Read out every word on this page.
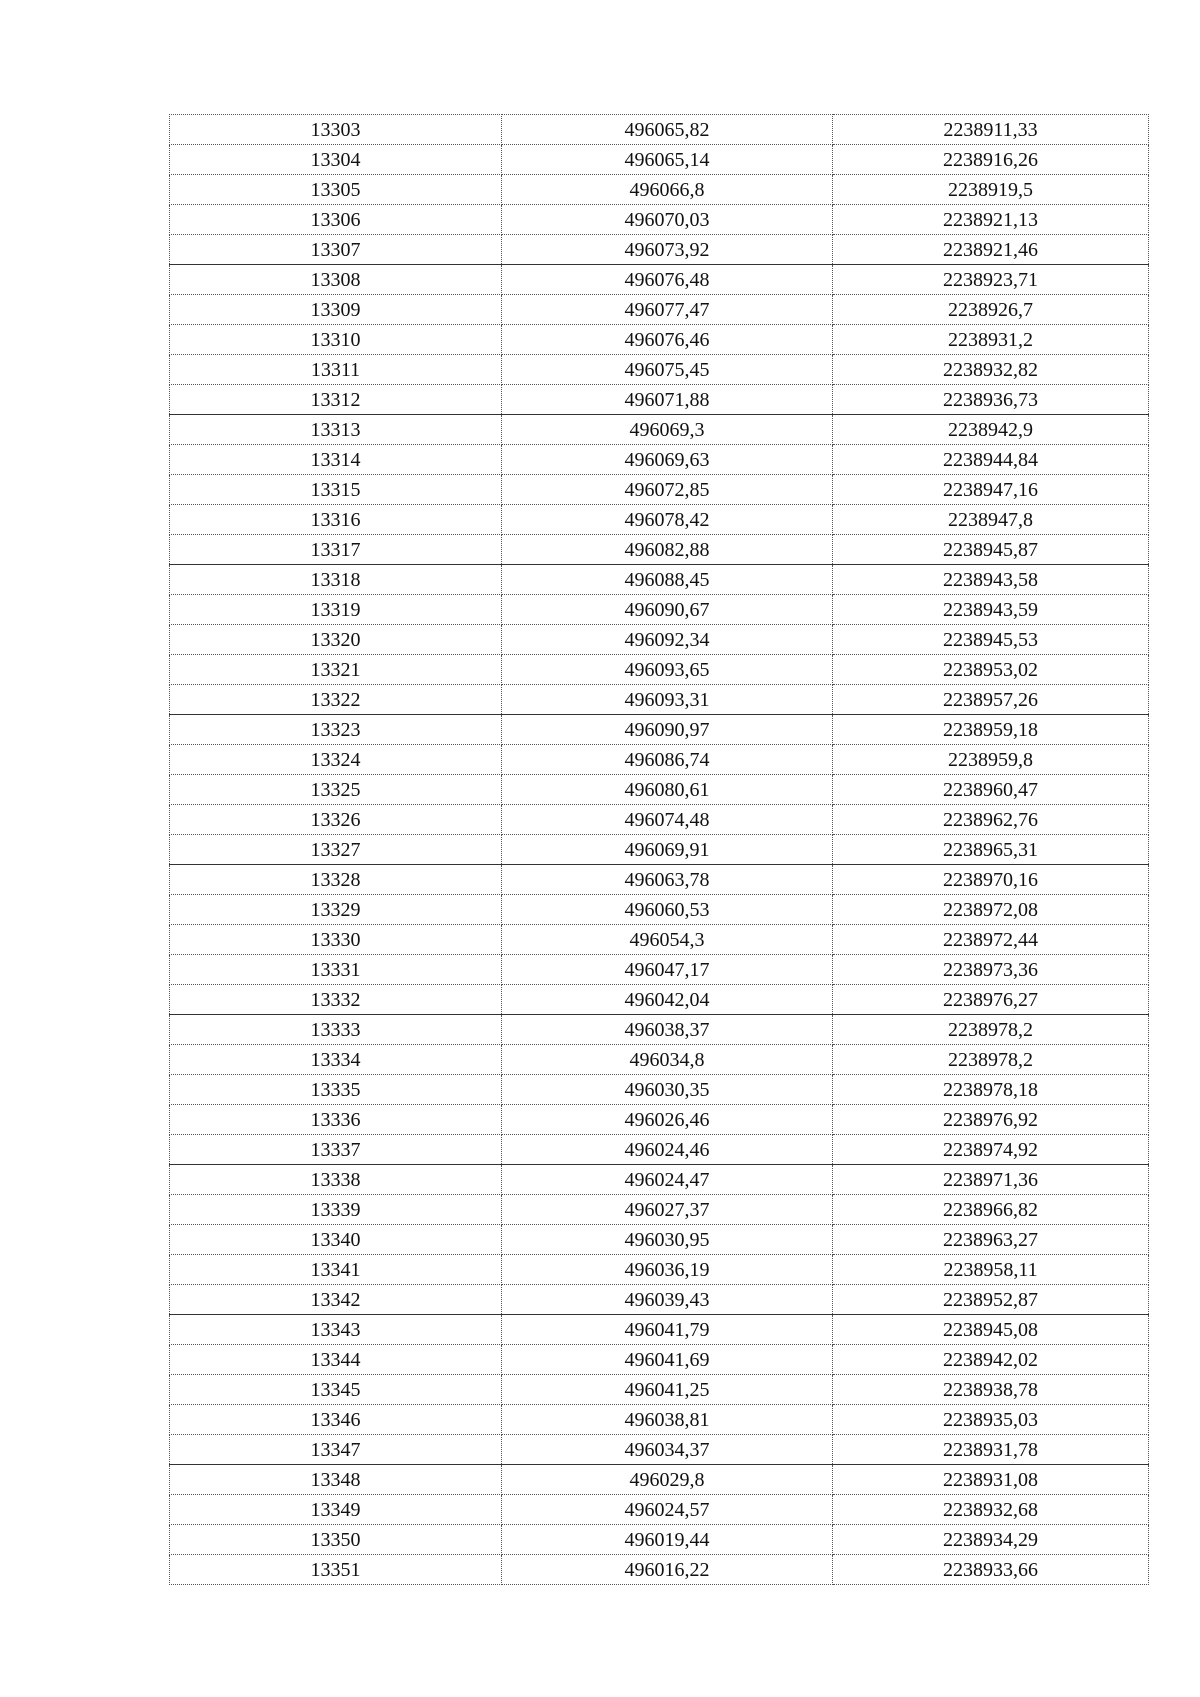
13303	496065,82	2238911,33
13304	496065,14	2238916,26
13305	496066,8	2238919,5
13306	496070,03	2238921,13
13307	496073,92	2238921,46
13308	496076,48	2238923,71
13309	496077,47	2238926,7
13310	496076,46	2238931,2
13311	496075,45	2238932,82
13312	496071,88	2238936,73
13313	496069,3	2238942,9
13314	496069,63	2238944,84
13315	496072,85	2238947,16
13316	496078,42	2238947,8
13317	496082,88	2238945,87
13318	496088,45	2238943,58
13319	496090,67	2238943,59
13320	496092,34	2238945,53
13321	496093,65	2238953,02
13322	496093,31	2238957,26
13323	496090,97	2238959,18
13324	496086,74	2238959,8
13325	496080,61	2238960,47
13326	496074,48	2238962,76
13327	496069,91	2238965,31
13328	496063,78	2238970,16
13329	496060,53	2238972,08
13330	496054,3	2238972,44
13331	496047,17	2238973,36
13332	496042,04	2238976,27
13333	496038,37	2238978,2
13334	496034,8	2238978,2
13335	496030,35	2238978,18
13336	496026,46	2238976,92
13337	496024,46	2238974,92
13338	496024,47	2238971,36
13339	496027,37	2238966,82
13340	496030,95	2238963,27
13341	496036,19	2238958,11
13342	496039,43	2238952,87
13343	496041,79	2238945,08
13344	496041,69	2238942,02
13345	496041,25	2238938,78
13346	496038,81	2238935,03
13347	496034,37	2238931,78
13348	496029,8	2238931,08
13349	496024,57	2238932,68
13350	496019,44	2238934,29
13351	496016,22	2238933,66
